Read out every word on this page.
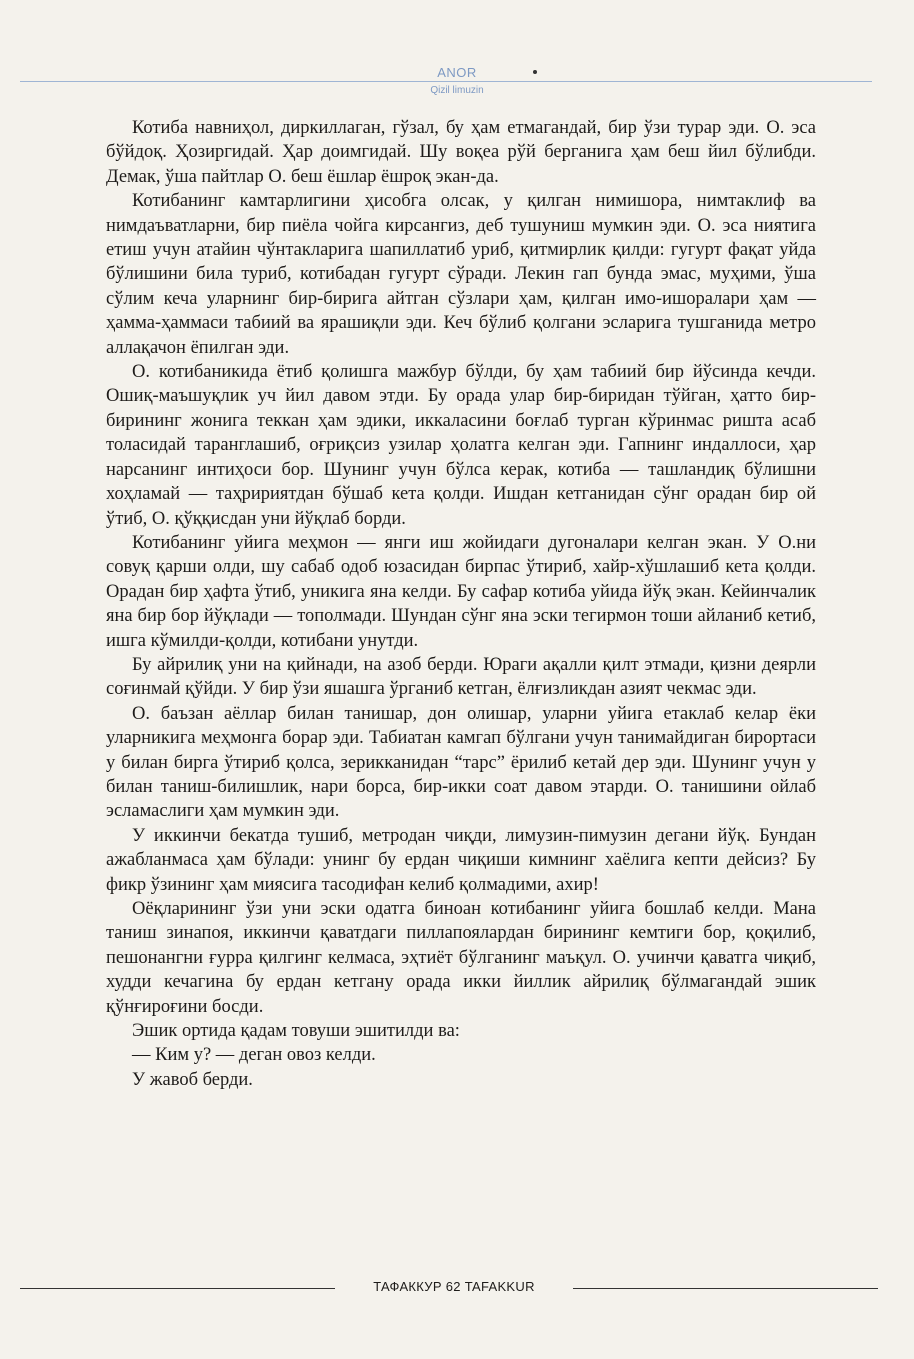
ANOR
Qizil limuzin

Котиба навниҳол, диркиллаган, гўзал, бу ҳам етмагандай, бир ўзи турар эди. О. эса бўйдоқ. Ҳозиргидай. Ҳар доимгидай. Шу воқеа рўй берганига ҳам беш йил бўлибди. Демак, ўша пайтлар О. беш ёшлар ёшроқ экан-да.

Котибанинг камтарлигини ҳисобга олсак, у қилган нимишора, нимтаклиф ва нимдаъватларни, бир пиёла чойга кирсангиз, деб тушуниш мумкин эди. О. эса ниятига етиш учун атайин чўнтакларига шапиллатиб уриб, қитмирлик қилди: гугурт фақат уйда бўлишини била туриб, котибадан гугурт сўради. Лекин гап бунда эмас, муҳими, ўша сўлим кеча уларнинг бир-бирига айтган сўзлари ҳам, қилган имо-ишоралари ҳам — ҳамма-ҳаммаси табиий ва ярашиқли эди. Кеч бўлиб қолгани эсларига тушганида метро аллақачон ёпилган эди.

О. котибаникида ётиб қолишга мажбур бўлди, бу ҳам табиий бир йўсинда кечди. Ошиқ-маъшуқлик уч йил давом этди. Бу орада улар бир-биридан тўйган, ҳатто бир-бирининг жонига теккан ҳам эдики, иккаласини боғлаб турган кўринмас ришта асаб толасидай таранглашиб, оғриқсиз узилар ҳолатга келган эди. Гапнинг индаллоси, ҳар нарсанинг интиҳоси бор. Шунинг учун бўлса керак, котиба — ташландиқ бўлишни хоҳламай — таҳририятдан бўшаб кета қолди. Ишдан кетганидан сўнг орадан бир ой ўтиб, О. қўққисдан уни йўқлаб борди.

Котибанинг уйига меҳмон — янги иш жойидаги дугоналари келган экан. У О.ни совуқ қарши олди, шу сабаб одоб юзасидан бирпас ўтириб, хайр-хўшлашиб кета қолди. Орадан бир ҳафта ўтиб, уникига яна келди. Бу сафар котиба уйида йўқ экан. Кейинчалик яна бир бор йўқлади — тополмади. Шундан сўнг яна эски тегирмон тоши айланиб кетиб, ишга кўмилди-қолди, котибани унутди.

Бу айрилиқ уни на қийнади, на азоб берди. Юраги ақалли қилт этмади, қизни деярли соғинмай қўйди. У бир ўзи яшашга ўрганиб кетган, ёлғизликдан азият чекмас эди.

О. баъзан аёллар билан танишар, дон олишар, уларни уйига етаклаб келар ёки уларникига меҳмонга борар эди. Табиатан камгап бўлгани учун танимайдиган бирортаси у билан бирга ўтириб қолса, зерикканидан “тарс” ёрилиб кетай дер эди. Шунинг учун у билан таниш-билишлик, нари борса, бир-икки соат давом этарди. О. танишини ойлаб эсламаслиги ҳам мумкин эди.

У иккинчи бекатда тушиб, метродан чиқди, лимузин-пимузин дегани йўқ. Бундан ажабланмаса ҳам бўлади: унинг бу ердан чиқиши кимнинг хаёлига кепти дейсиз? Бу фикр ўзининг ҳам миясига тасодифан келиб қолмадими, ахир!

Оёқларининг ўзи уни эски одатга биноан котибанинг уйига бошлаб келди. Мана таниш зинапоя, иккинчи қаватдаги пиллапоялардан бирининг кемтиги бор, қоқилиб, пешонангни ғурра қилгинг келмаса, эҳтиёт бўлганинг маъқул. О. учинчи қаватга чиқиб, худди кечагина бу ердан кетгану орада икки йиллик айрилиқ бўлмагандай эшик қўнғироғини босди.

Эшик ортида қадам товуши эшитилди ва:

— Ким у? — деган овоз келди.

У жавоб берди.

ТАФАККУР 62 TAFAKKUR
